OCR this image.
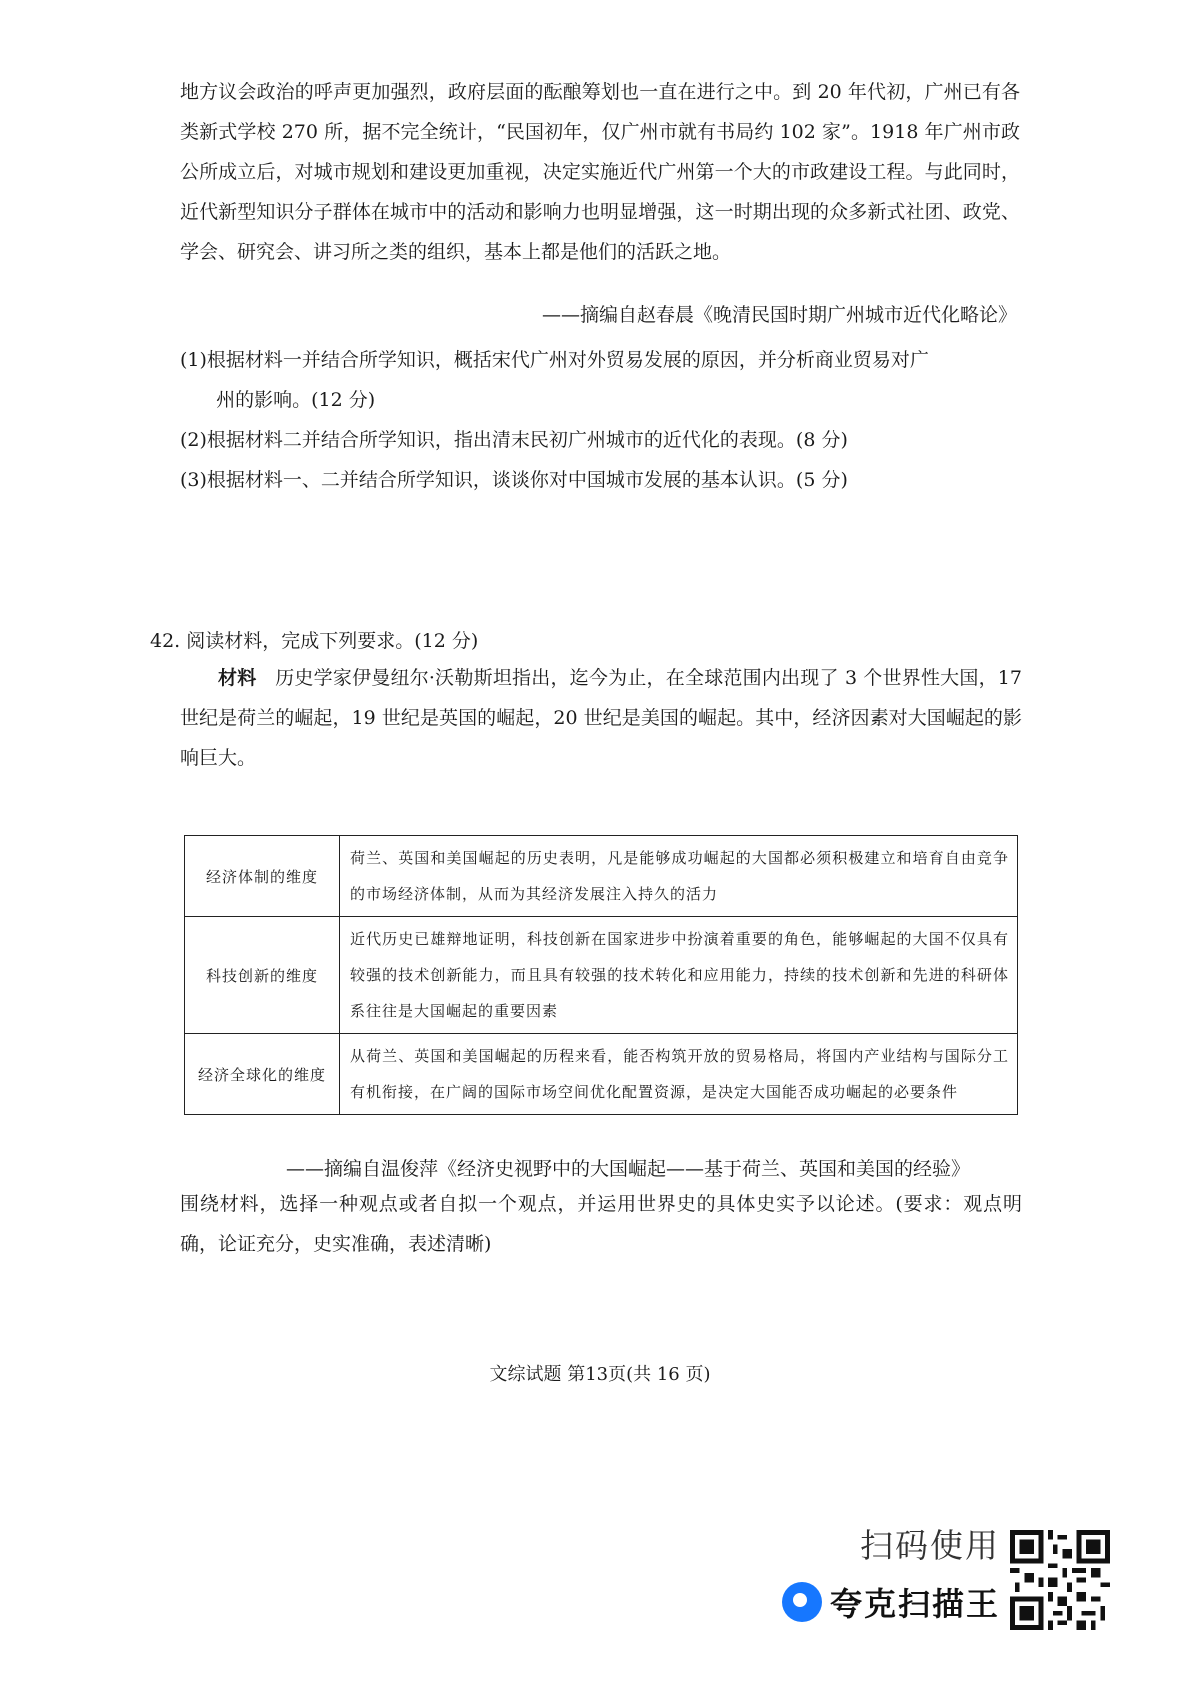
地方议会政治的呼声更加强烈，政府层面的酝酿筹划也一直在进行之中。到 20 年代初，广州已有各类新式学校 270 所，据不完全统计，“民国初年，仅广州市就有书局约 102 家”。1918 年广州市政公所成立后，对城市规划和建设更加重视，决定实施近代广州第一个大的市政建设工程。与此同时，近代新型知识分子群体在城市中的活动和影响力也明显增强，这一时期出现的众多新式社团、政党、学会、研究会、讲习所之类的组织，基本上都是他们的活跃之地。

——摘编自赵春晨《晚清民国时期广州城市近代化略论》
(1)根据材料一并结合所学知识，概括宋代广州对外贸易发展的原因，并分析商业贸易对广
州的影响。(12 分)
(2)根据材料二并结合所学知识，指出清末民初广州城市的近代化的表现。(8 分)
(3)根据材料一、二并结合所学知识，谈谈你对中国城市发展的基本认识。(5 分)
42. 阅读材料，完成下列要求。(12 分)

材料 历史学家伊曼纽尔·沃勒斯坦指出，迄今为止，在全球范围内出现了 3 个世界性大国，17 世纪是荷兰的崛起，19 世纪是英国的崛起，20 世纪是美国的崛起。其中，经济因素对大国崛起的影响巨大。

经济体制的维度	荷兰、英国和美国崛起的历史表明，凡是能够成功崛起的大国都必须积极建立和培育自由竞争的市场经济体制，从而为其经济发展注入持久的活力
科技创新的维度	近代历史已雄辩地证明，科技创新在国家进步中扮演着重要的角色，能够崛起的大国不仅具有较强的技术创新能力，而且具有较强的技术转化和应用能力，持续的技术创新和先进的科研体系往往是大国崛起的重要因素
经济全球化的维度	从荷兰、英国和美国崛起的历程来看，能否构筑开放的贸易格局，将国内产业结构与国际分工有机衔接，在广阔的国际市场空间优化配置资源，是决定大国能否成功崛起的必要条件
——摘编自温俊萍《经济史视野中的大国崛起——基于荷兰、英国和美国的经验》

围绕材料，选择一种观点或者自拟一个观点，并运用世界史的具体史实予以论述。(要求：观点明确，论证充分，史实准确，表述清晰)

文综试题 第13页(共 16 页)
扫码使用
夸克扫描王
